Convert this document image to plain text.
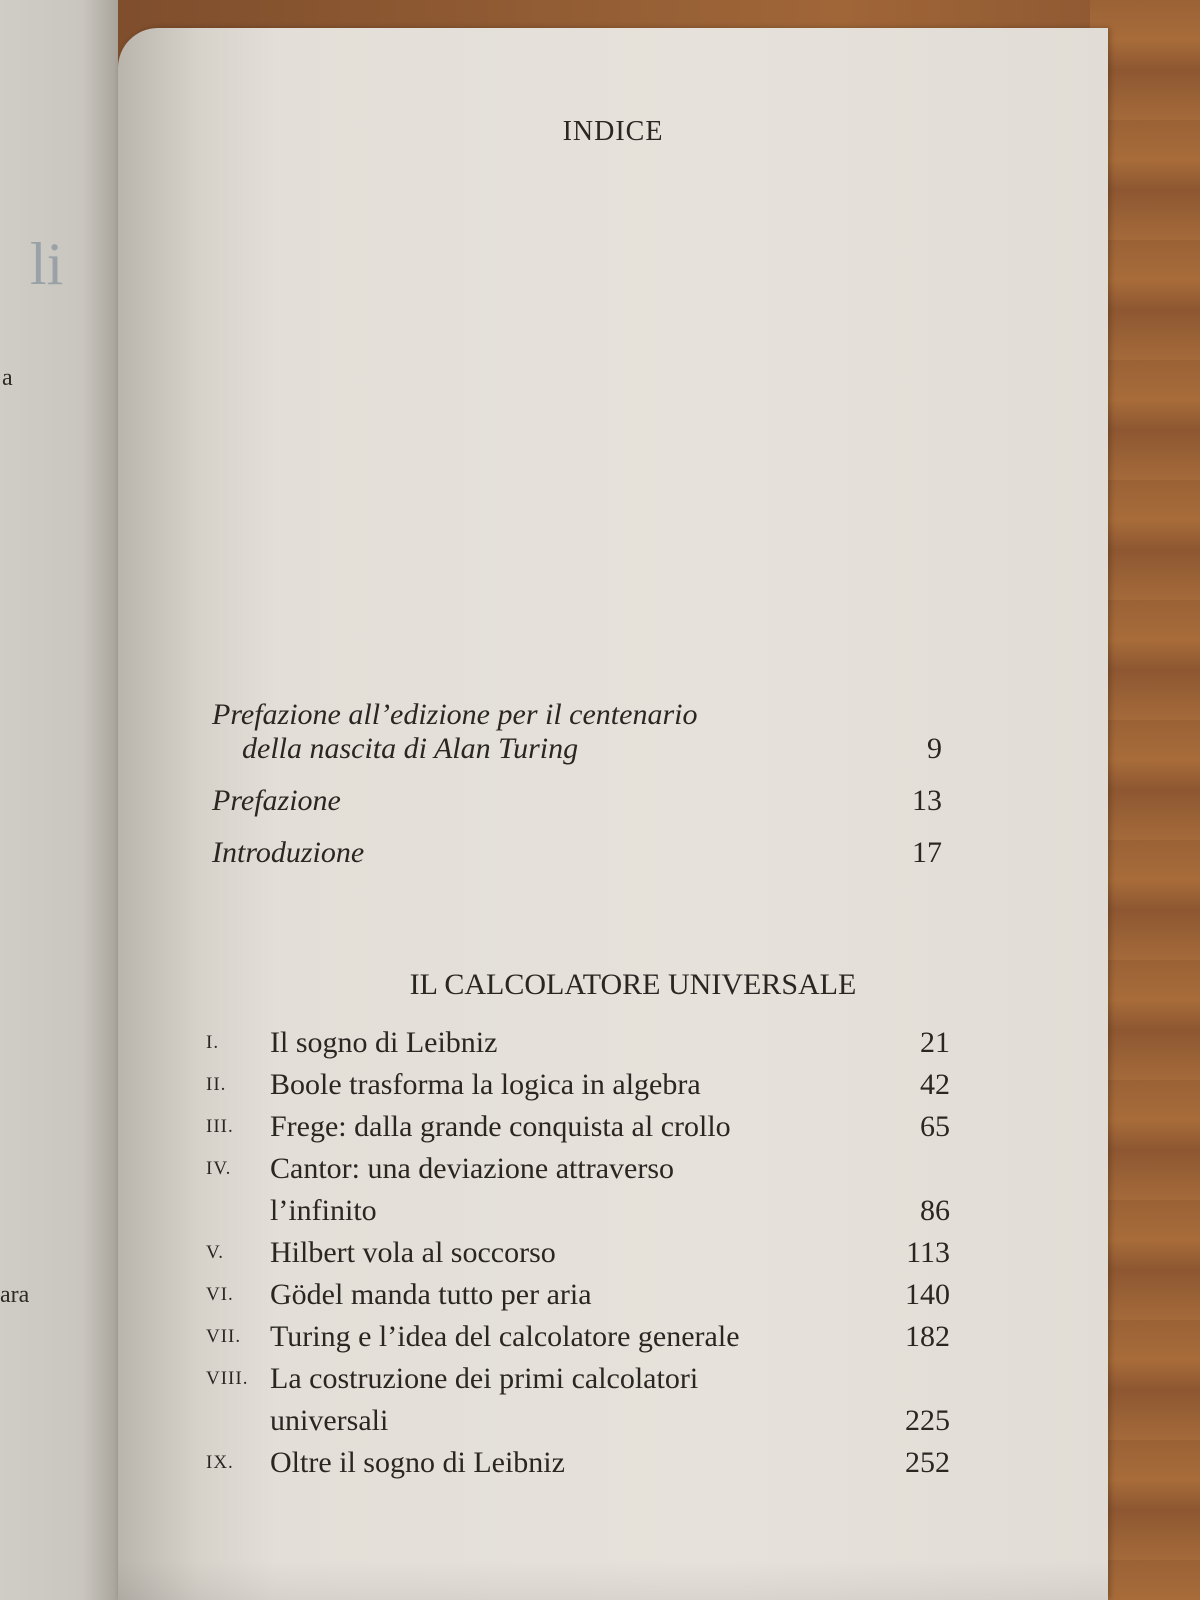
li
a
ara
INDICE
Prefazione all’edizione per il centenario
della nascita di Alan Turing	9
Prefazione	13
Introduzione	17
IL CALCOLATORE UNIVERSALE
I. Il sogno di Leibniz	21
II. Boole trasforma la logica in algebra	42
III. Frege: dalla grande conquista al crollo	65
IV. Cantor: una deviazione attraverso
l’infinito	86
V. Hilbert vola al soccorso	113
VI. Gödel manda tutto per aria	140
VII. Turing e l’idea del calcolatore generale	182
VIII. La costruzione dei primi calcolatori
universali	225
IX. Oltre il sogno di Leibniz	252
